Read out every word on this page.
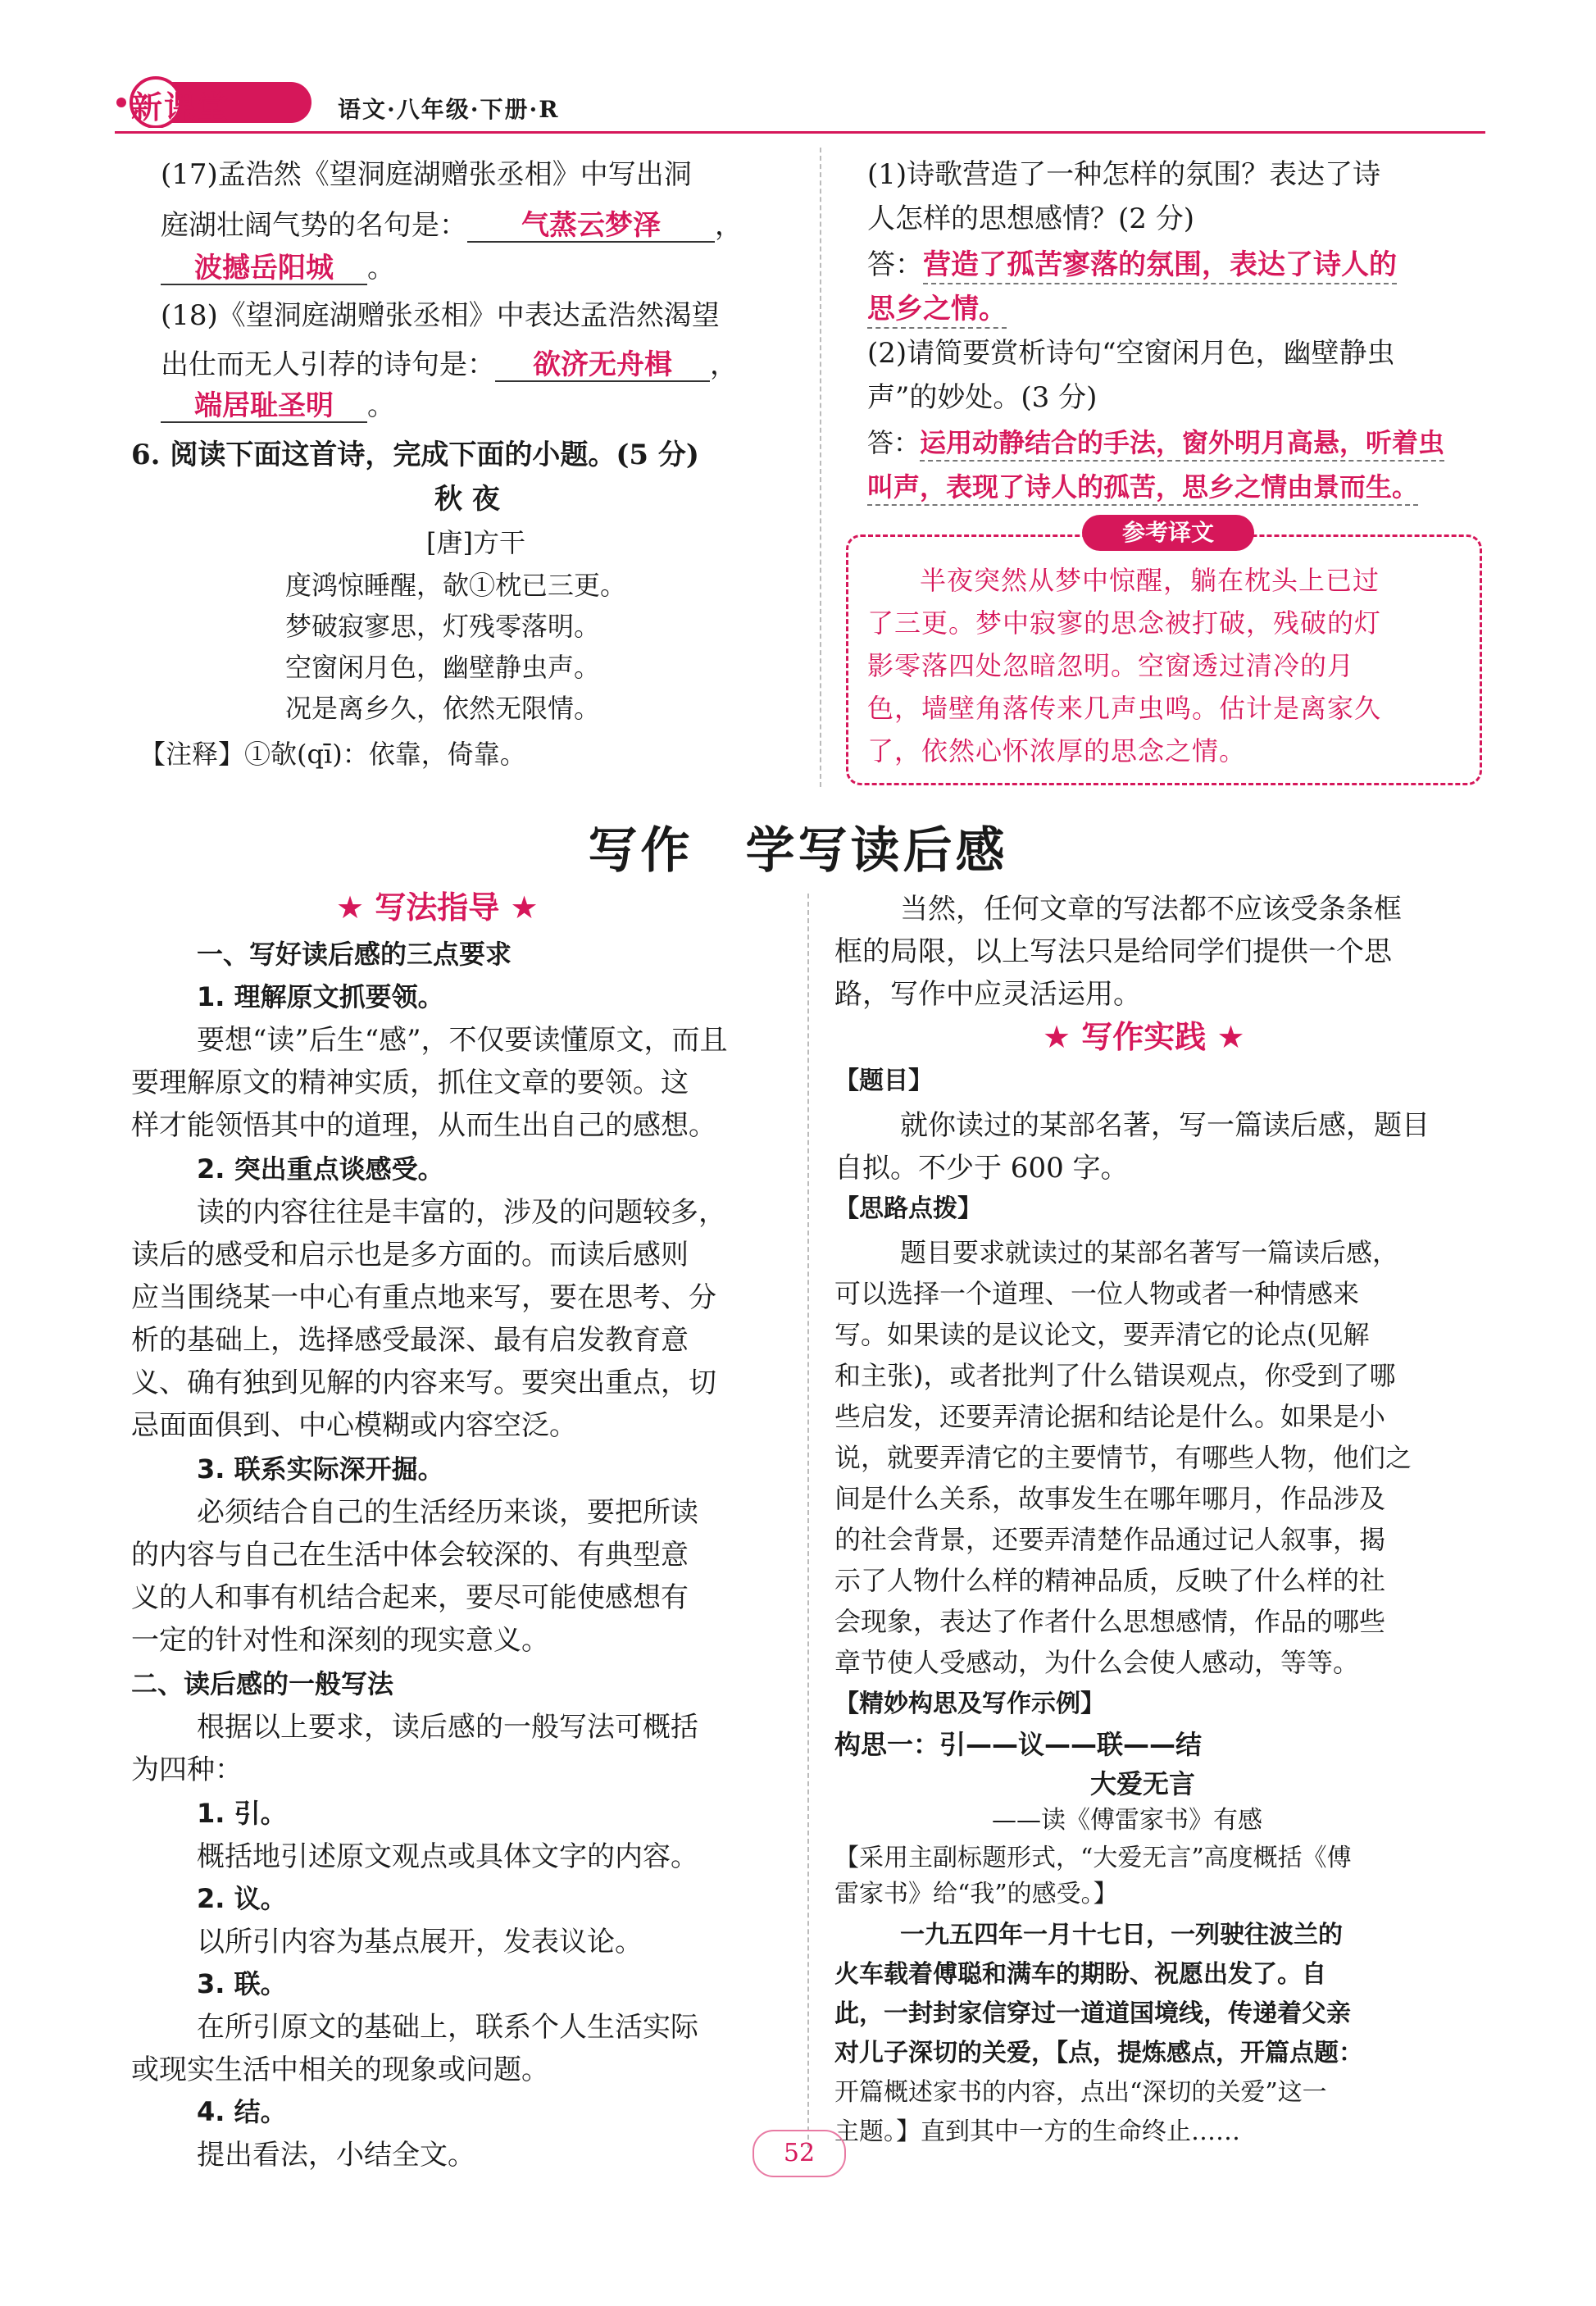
新课堂	语文·八年级·下册·R
(17)孟浩然《望洞庭湖赠张丞相》中写出洞
庭湖壮阔气势的名句是： 气蒸云梦泽 ，
波撼岳阳城 。
(18)《望洞庭湖赠张丞相》中表达孟浩然渴望
出仕而无人引荐的诗句是： 欲济无舟楫 ，
端居耻圣明 。
6. 阅读下面这首诗，完成下面的小题。(5 分)
秋 夜
[唐]方干
度鸿惊睡醒，欹①枕已三更。
梦破寂寥思，灯残零落明。
空窗闲月色，幽壁静虫声。
况是离乡久，依然无限情。
【注释】①欹(qī)：依靠，倚靠。
(1)诗歌营造了一种怎样的氛围？表达了诗
人怎样的思想感情？(2 分)
答：营造了孤苦寥落的氛围，表达了诗人的
思乡之情。
(2)请简要赏析诗句“空窗闲月色，幽壁静虫
声”的妙处。(3 分)
答：运用动静结合的手法，窗外明月高悬，听着虫
叫声，表现了诗人的孤苦，思乡之情由景而生。
参考译文
半夜突然从梦中惊醒，躺在枕头上已过
了三更。梦中寂寥的思念被打破，残破的灯
影零落四处忽暗忽明。空窗透过清冷的月
色，墙壁角落传来几声虫鸣。估计是离家久
了，依然心怀浓厚的思念之情。
写作　学写读后感
★ 写法指导 ★
一、写好读后感的三点要求
1. 理解原文抓要领。
要想“读”后生“感”，不仅要读懂原文，而且
要理解原文的精神实质，抓住文章的要领。这
样才能领悟其中的道理，从而生出自己的感想。
2. 突出重点谈感受。
读的内容往往是丰富的，涉及的问题较多，
读后的感受和启示也是多方面的。而读后感则
应当围绕某一中心有重点地来写，要在思考、分
析的基础上，选择感受最深、最有启发教育意
义、确有独到见解的内容来写。要突出重点，切
忌面面俱到、中心模糊或内容空泛。
3. 联系实际深开掘。
必须结合自己的生活经历来谈，要把所读
的内容与自己在生活中体会较深的、有典型意
义的人和事有机结合起来，要尽可能使感想有
一定的针对性和深刻的现实意义。
二、读后感的一般写法
根据以上要求，读后感的一般写法可概括
为四种：
1. 引。
概括地引述原文观点或具体文字的内容。
2. 议。
以所引内容为基点展开，发表议论。
3. 联。
在所引原文的基础上，联系个人生活实际
或现实生活中相关的现象或问题。
4. 结。
提出看法，小结全文。
当然，任何文章的写法都不应该受条条框
框的局限，以上写法只是给同学们提供一个思
路，写作中应灵活运用。
★ 写作实践 ★
【题目】
就你读过的某部名著，写一篇读后感，题目
自拟。不少于 600 字。
【思路点拨】
题目要求就读过的某部名著写一篇读后感，
可以选择一个道理、一位人物或者一种情感来
写。如果读的是议论文，要弄清它的论点(见解
和主张)，或者批判了什么错误观点，你受到了哪
些启发，还要弄清论据和结论是什么。如果是小
说，就要弄清它的主要情节，有哪些人物，他们之
间是什么关系，故事发生在哪年哪月，作品涉及
的社会背景，还要弄清楚作品通过记人叙事，揭
示了人物什么样的精神品质，反映了什么样的社
会现象，表达了作者什么思想感情，作品的哪些
章节使人受感动，为什么会使人感动，等等。
【精妙构思及写作示例】
构思一：引——议——联——结
大爱无言
——读《傅雷家书》有感
【采用主副标题形式，“大爱无言”高度概括《傅
雷家书》给“我”的感受。】
一九五四年一月十七日，一列驶往波兰的
火车载着傅聪和满车的期盼、祝愿出发了。自
此，一封封家信穿过一道道国境线，传递着父亲
对儿子深切的关爱，【点，提炼感点，开篇点题：
开篇概述家书的内容，点出“深切的关爱”这一
主题。】直到其中一方的生命终止……
52
